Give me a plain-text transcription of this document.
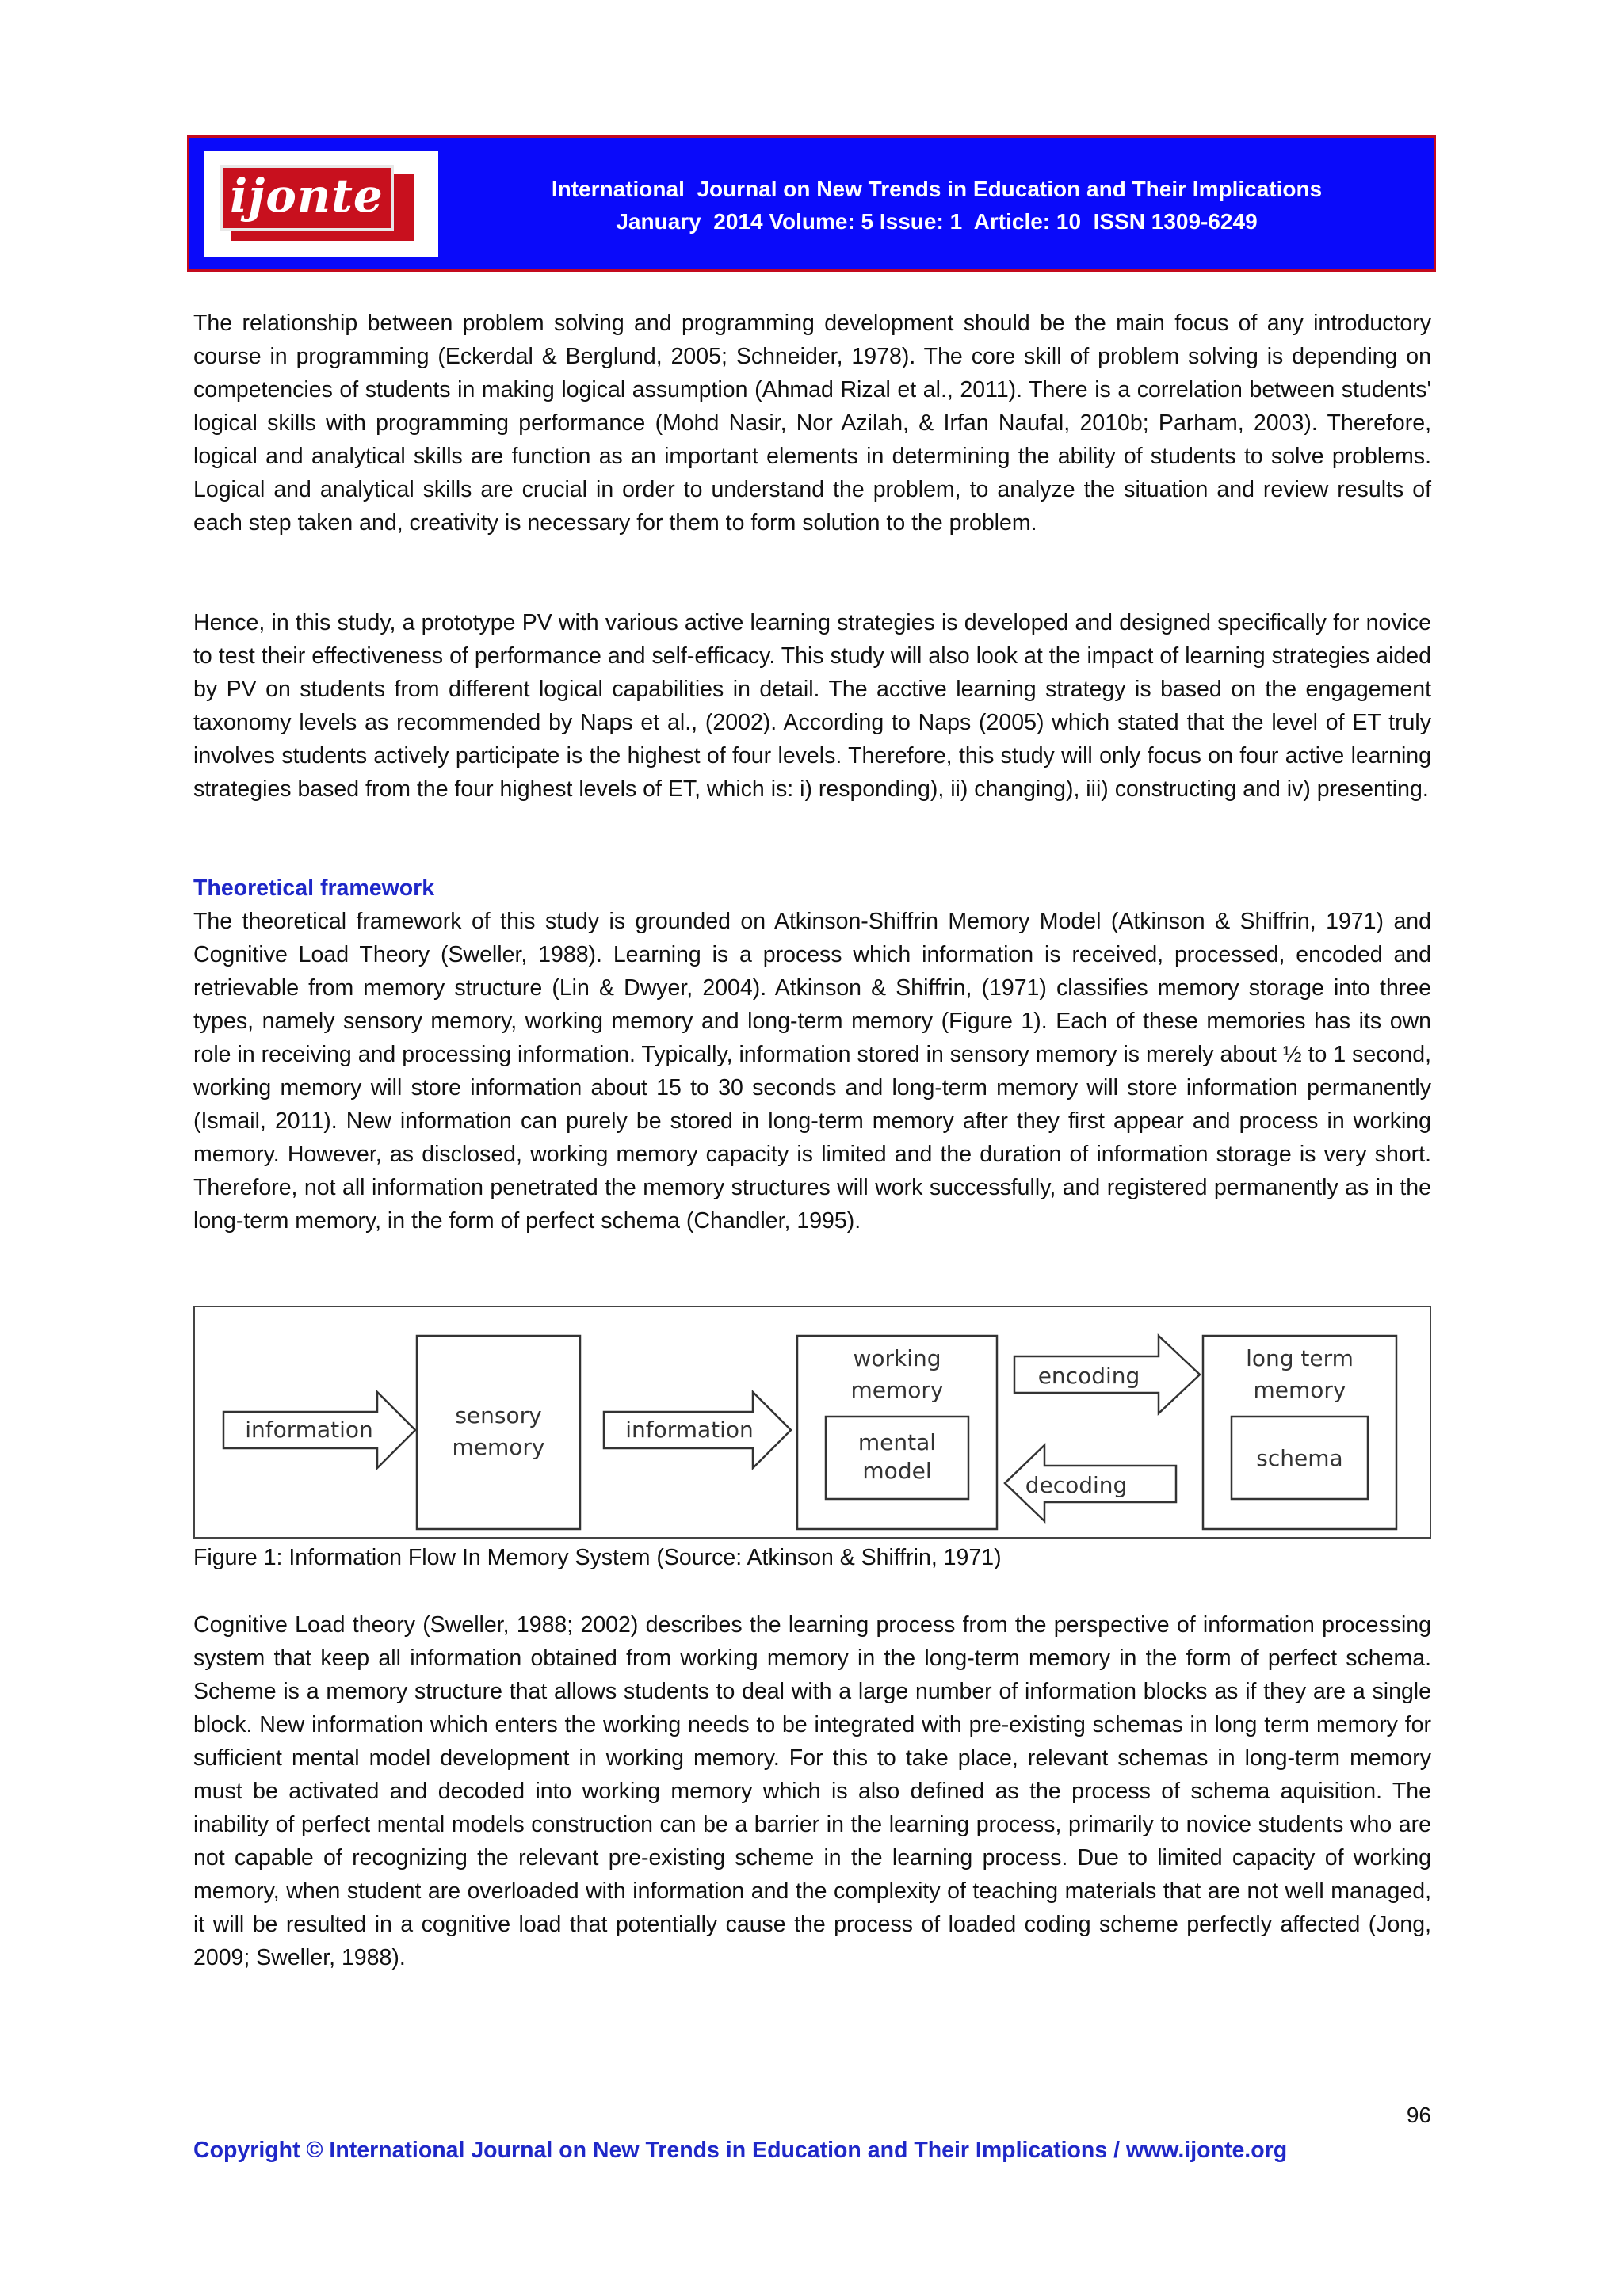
ijonte	International  Journal on New Trends in Education and Their Implications
January  2014 Volume: 5 Issue: 1  Article: 10  ISSN 1309-6249

The relationship between problem solving and programming development should be the main focus of any introductory course in programming (Eckerdal & Berglund, 2005; Schneider, 1978). The core skill of problem solving is depending on competencies of students in making logical assumption (Ahmad Rizal et al., 2011). There is a correlation between students' logical skills with programming performance (Mohd Nasir, Nor Azilah, & Irfan Naufal, 2010b; Parham, 2003). Therefore, logical and analytical skills are function as an important elements in determining the ability of students to solve problems. Logical and analytical skills are crucial in order to understand the problem, to analyze the situation and review results of each step taken and, creativity is necessary for them to form solution to the problem.

Hence, in this study, a prototype PV with various active learning strategies is developed and designed specifically for novice to test their effectiveness of performance and self-efficacy. This study will also look at the impact of learning strategies aided by PV on students from different logical capabilities in detail. The acctive learning strategy is based on the engagement taxonomy levels as recommended by Naps et al., (2002). According to Naps (2005) which stated that the level of ET truly involves students actively participate is the highest of four levels. Therefore, this study will only focus on four active learning strategies based from the four highest levels of ET, which is: i) responding), ii) changing), iii) constructing and iv) presenting.

Theoretical framework

The theoretical framework of this study is grounded on Atkinson-Shiffrin Memory Model (Atkinson & Shiffrin, 1971) and Cognitive Load Theory (Sweller, 1988). Learning is a process which information is received, processed, encoded and retrievable from memory structure (Lin & Dwyer, 2004). Atkinson & Shiffrin, (1971) classifies memory storage into three types, namely sensory memory, working memory and long-term memory (Figure 1). Each of these memories has its own role in receiving and processing information. Typically, information stored in sensory memory is merely about ½ to 1 second, working memory will store information about 15 to 30 seconds and long-term memory will store information permanently (Ismail, 2011). New information can purely be stored in long-term memory after they first appear and process in working memory. However, as disclosed, working memory capacity is limited and the duration of information storage is very short. Therefore, not all information penetrated the memory structures will work successfully, and registered permanently as in the long-term memory, in the form of perfect schema (Chandler, 1995).

information
sensory
memory
information
working
memory
mental
model
encoding
decoding
long term
memory
schema
Figure 1: Information Flow In Memory System (Source: Atkinson & Shiffrin, 1971)

Cognitive Load theory (Sweller, 1988; 2002) describes the learning process from the perspective of information processing system that keep all information obtained from working memory in the long-term memory in the form of perfect schema. Scheme is a memory structure that allows students to deal with a large number of information blocks as if they are a single block. New information which enters the working needs to be integrated with pre-existing schemas in long term memory for sufficient mental model development in working memory. For this to take place, relevant schemas in long-term memory must be activated and decoded into working memory which is also defined as the process of schema aquisition. The inability of perfect mental models construction can be a barrier in the learning process, primarily to novice students who are not capable of recognizing the relevant pre-existing scheme in the learning process. Due to limited capacity of working memory, when student are overloaded with information and the complexity of teaching materials that are not well managed, it will be resulted in a cognitive load that potentially cause the process of loaded coding scheme perfectly affected (Jong, 2009; Sweller, 1988).

96
Copyright © International Journal on New Trends in Education and Their Implications / www.ijonte.org
